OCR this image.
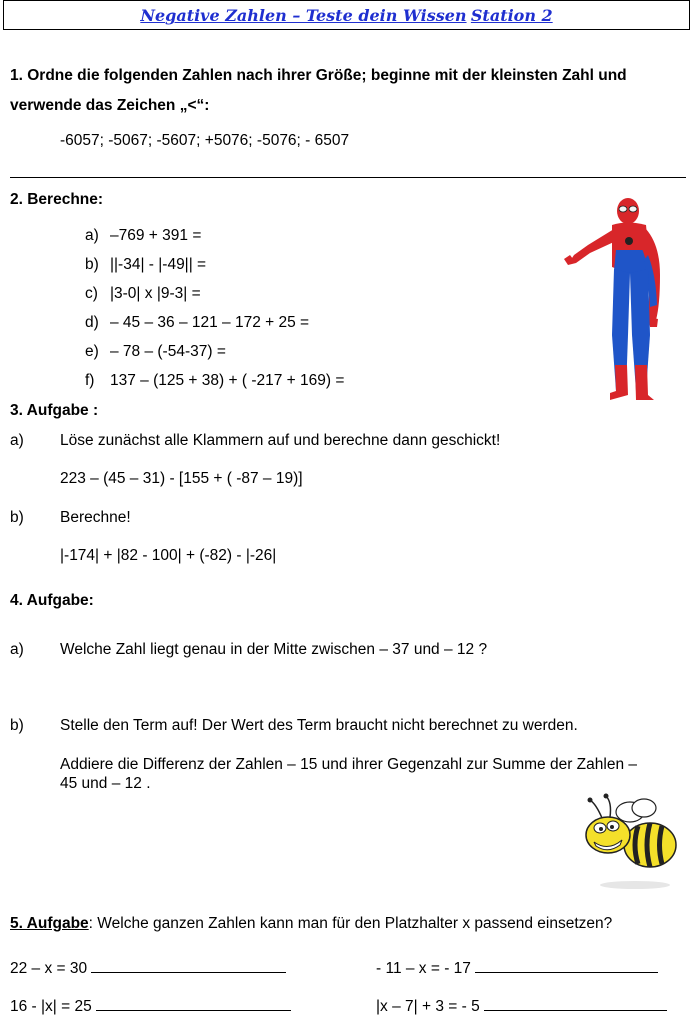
Negative Zahlen – Teste dein Wissen Station 2
1. Ordne die folgenden Zahlen nach ihrer Größe; beginne mit der kleinsten Zahl und
verwende das Zeichen „<“:
-6057; -5067; -5607; +5076; -5076; - 6507
2. Berechne:
a) –769 + 391 =
b) ||-34| - |-49|| =
c) |3-0| x |9-3| =
d) – 45 – 36 – 121 – 172 + 25 =
e) – 78 – (-54-37) =
f) 137 – (125 + 38) + ( -217 + 169) =
3. Aufgabe :
a) Löse zunächst alle Klammern auf und berechne dann geschickt!
223 – (45 – 31) - [155 + ( -87 – 19)]
b) Berechne!
|-174| + |82 - 100| + (-82) - |-26|
4. Aufgabe:
a) Welche Zahl liegt genau in der Mitte zwischen – 37 und – 12 ?
b) Stelle den Term auf! Der Wert des Term braucht nicht berechnet zu werden.
Addiere die Differenz der Zahlen – 15 und ihrer Gegenzahl zur Summe der Zahlen –
45 und – 12 .
5. Aufgabe: Welche ganzen Zahlen kann man für den Platzhalter x passend einsetzen?
22 – x = 30	- 11 – x = - 17
16 - |x| = 25	|x – 7| + 3 = - 5
